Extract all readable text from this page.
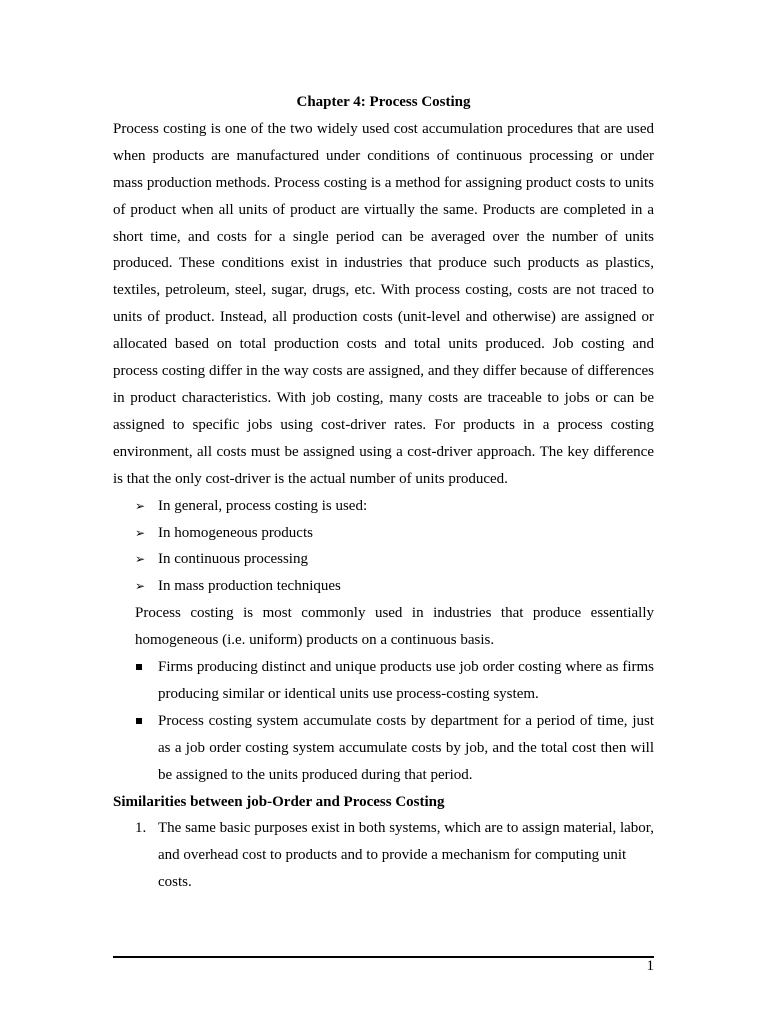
Chapter 4: Process Costing

Process costing is one of the two widely used cost accumulation procedures that are used when products are manufactured under conditions of continuous processing or under mass production methods. Process costing is a method for assigning product costs to units of product when all units of product are virtually the same. Products are completed in a short time, and costs for a single period can be averaged over the number of units produced. These conditions exist in industries that produce such products as plastics, textiles, petroleum, steel, sugar, drugs, etc. With process costing, costs are not traced to units of product. Instead, all production costs (unit-level and otherwise) are assigned or allocated based on total production costs and total units produced. Job costing and process costing differ in the way costs are assigned, and they differ because of differences in product characteristics. With job costing, many costs are traceable to jobs or can be assigned to specific jobs using cost-driver rates. For products in a process costing environment, all costs must be assigned using a cost-driver approach. The key difference is that the only cost-driver is the actual number of units produced.

➢ In general, process costing is used:
➢ In homogeneous products
➢ In continuous processing
➢ In mass production techniques

Process costing is most commonly used in industries that produce essentially homogeneous (i.e. uniform) products on a continuous basis.

Firms producing distinct and unique products use job order costing where as firms producing similar or identical units use process-costing system.
Process costing system accumulate costs by department for a period of time, just as a job order costing system accumulate costs by job, and the total cost then will be assigned to the units produced during that period.
Similarities between job-Order and Process Costing
1. The same basic purposes exist in both systems, which are to assign material, labor, and overhead cost to products and to provide a mechanism for computing unit costs.
1
